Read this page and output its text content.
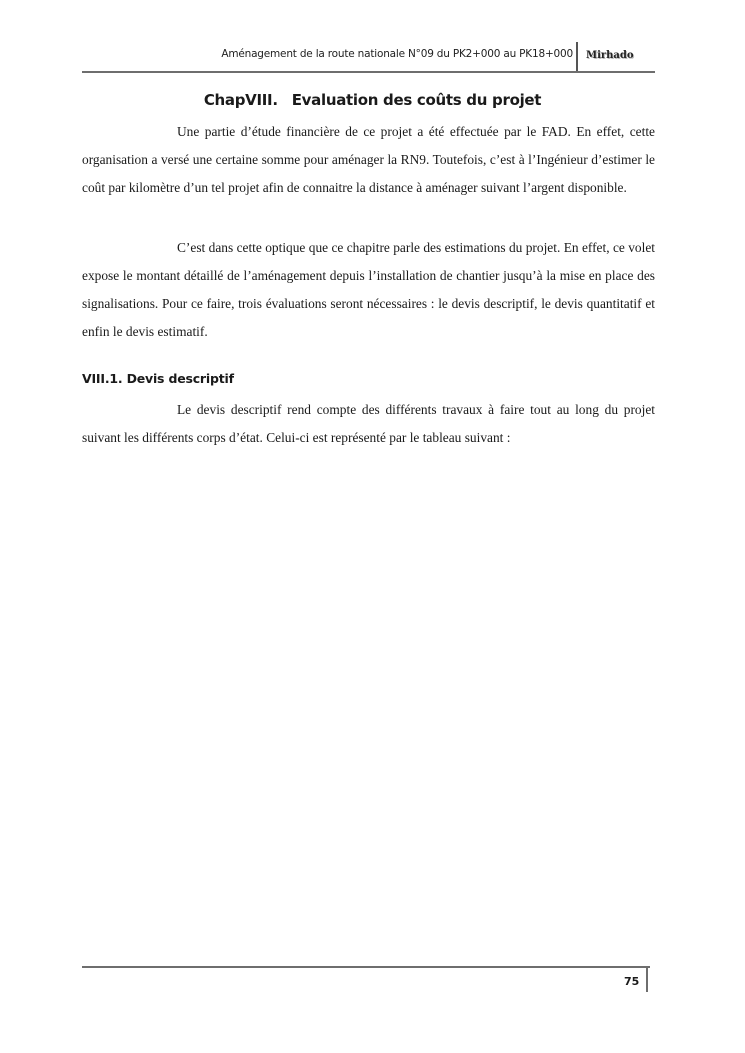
Aménagement de la route nationale N°09 du PK2+000 au PK18+000 Mirhado
ChapVIII. Evaluation des coûts du projet

Une partie d’étude financière de ce projet a été effectuée par le FAD. En effet, cette organisation a versé une certaine somme pour aménager la RN9. Toutefois, c’est à l’Ingénieur d’estimer le coût par kilomètre d’un tel projet afin de connaitre la distance à aménager suivant l’argent disponible.

C’est dans cette optique que ce chapitre parle des estimations du projet. En effet, ce volet expose le montant détaillé de l’aménagement depuis l’installation de chantier jusqu’à la mise en place des signalisations. Pour ce faire, trois évaluations seront nécessaires : le devis descriptif, le devis quantitatif et enfin le devis estimatif.

VIII.1. Devis descriptif

Le devis descriptif rend compte des différents travaux à faire tout au long du projet suivant les différents corps d’état. Celui-ci est représenté par le tableau suivant :

75
